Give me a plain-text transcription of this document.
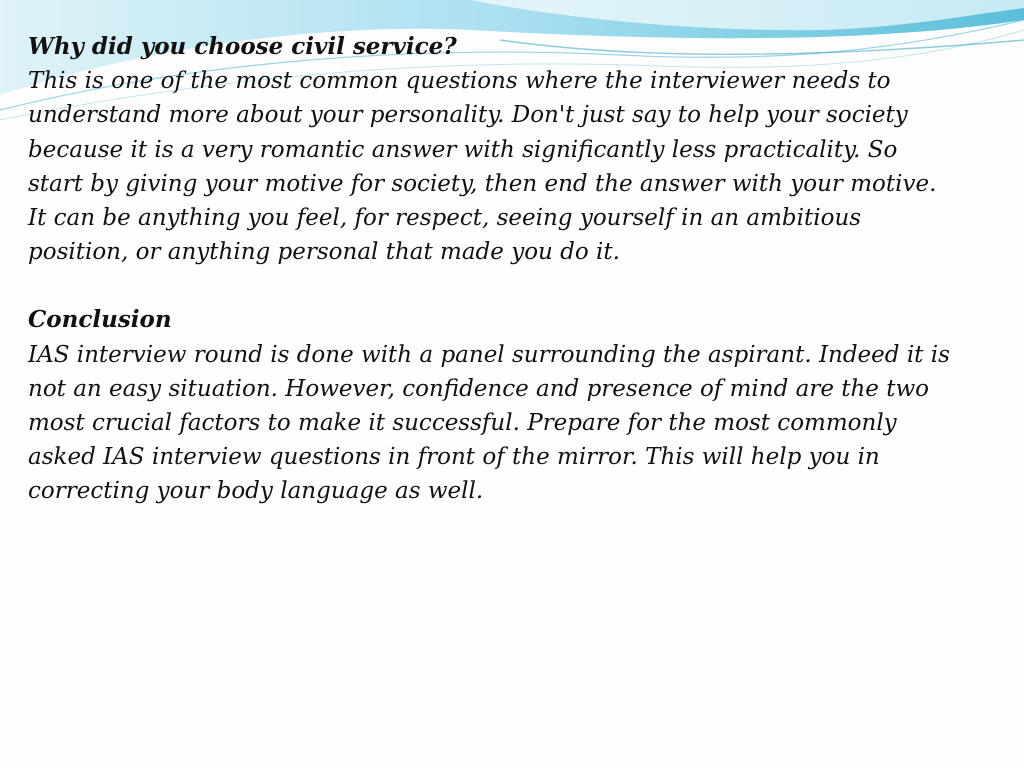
Why did you choose civil service?

This is one of the most common questions where the interviewer needs to understand more about your personality. Don't just say to help your society because it is a very romantic answer with significantly less practicality. So start by giving your motive for society, then end the answer with your motive. It can be anything you feel, for respect, seeing yourself in an ambitious position, or anything personal that made you do it.

Conclusion

IAS interview round is done with a panel surrounding the aspirant. Indeed it is not an easy situation. However, confidence and presence of mind are the two most crucial factors to make it successful. Prepare for the most commonly asked IAS interview questions in front of the mirror. This will help you in correcting your body language as well.
